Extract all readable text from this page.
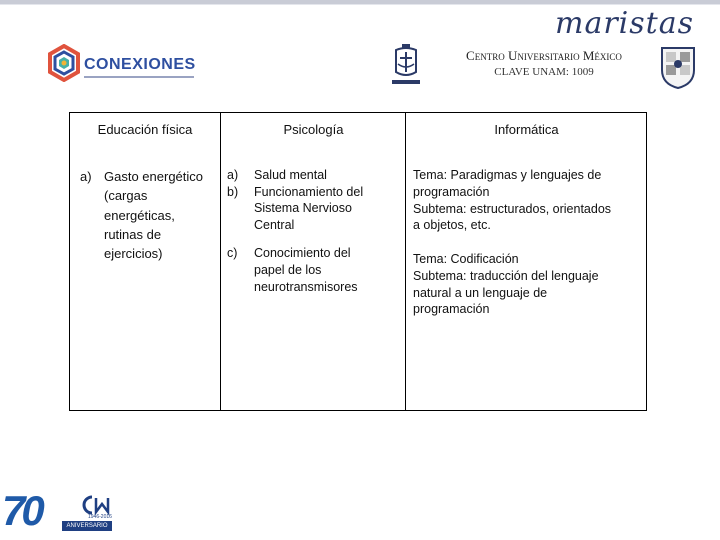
maristas
CONEXIONES
Centro Universitario México
CLAVE UNAM: 1009
Educación física
a) Gasto energético
(cargas
energéticas,
rutinas de
ejercicios)
Psicología
a) Salud mental
b) Funcionamiento del
Sistema Nervioso
Central
c) Conocimiento del
papel de los
neurotransmisores
Informática

Tema: Paradigmas y lenguajes de

programación

Subtema: estructurados, orientados

a objetos, etc.

Tema: Codificación

Subtema: traducción del lenguaje

natural a un lenguaje de

programación

70	1946-2016
ANIVERSARIO
